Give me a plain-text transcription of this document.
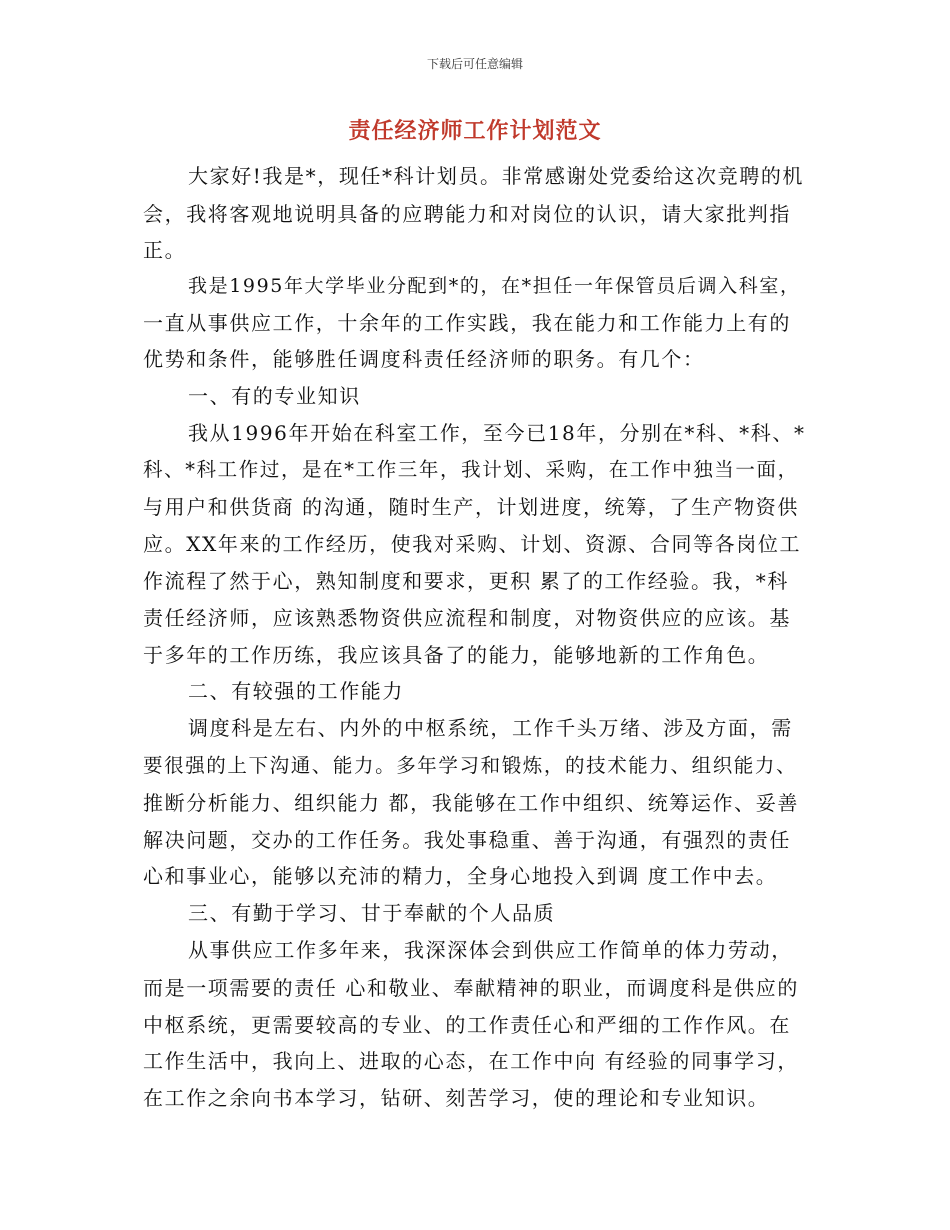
下载后可任意编辑
责任经济师工作计划范文
大家好!我是*，现任*科计划员。非常感谢处党委给这次竞聘的机
会，我将客观地说明具备的应聘能力和对岗位的认识，请大家批判指
正。
我是1995年大学毕业分配到*的，在*担任一年保管员后调入科室，
一直从事供应工作，十余年的工作实践，我在能力和工作能力上有的
优势和条件，能够胜任调度科责任经济师的职务。有几个：
一、有的专业知识
我从1996年开始在科室工作，至今已18年，分别在*科、*科、*
科、*科工作过，是在*工作三年，我计划、采购，在工作中独当一面，
与用户和供货商 的沟通，随时生产，计划进度，统筹，了生产物资供
应。XX年来的工作经历，使我对采购、计划、资源、合同等各岗位工
作流程了然于心，熟知制度和要求，更积 累了的工作经验。我，*科
责任经济师，应该熟悉物资供应流程和制度，对物资供应的应该。基
于多年的工作历练，我应该具备了的能力，能够地新的工作角色。
二、有较强的工作能力
调度科是左右、内外的中枢系统，工作千头万绪、涉及方面，需
要很强的上下沟通、能力。多年学习和锻炼，的技术能力、组织能力、
推断分析能力、组织能力 都，我能够在工作中组织、统筹运作、妥善
解决问题，交办的工作任务。我处事稳重、善于沟通，有强烈的责任
心和事业心，能够以充沛的精力，全身心地投入到调 度工作中去。
三、有勤于学习、甘于奉献的个人品质
从事供应工作多年来，我深深体会到供应工作简单的体力劳动，
而是一项需要的责任 心和敬业、奉献精神的职业，而调度科是供应的
中枢系统，更需要较高的专业、的工作责任心和严细的工作作风。在
工作生活中，我向上、进取的心态，在工作中向 有经验的同事学习，
在工作之余向书本学习，钻研、刻苦学习，使的理论和专业知识。
